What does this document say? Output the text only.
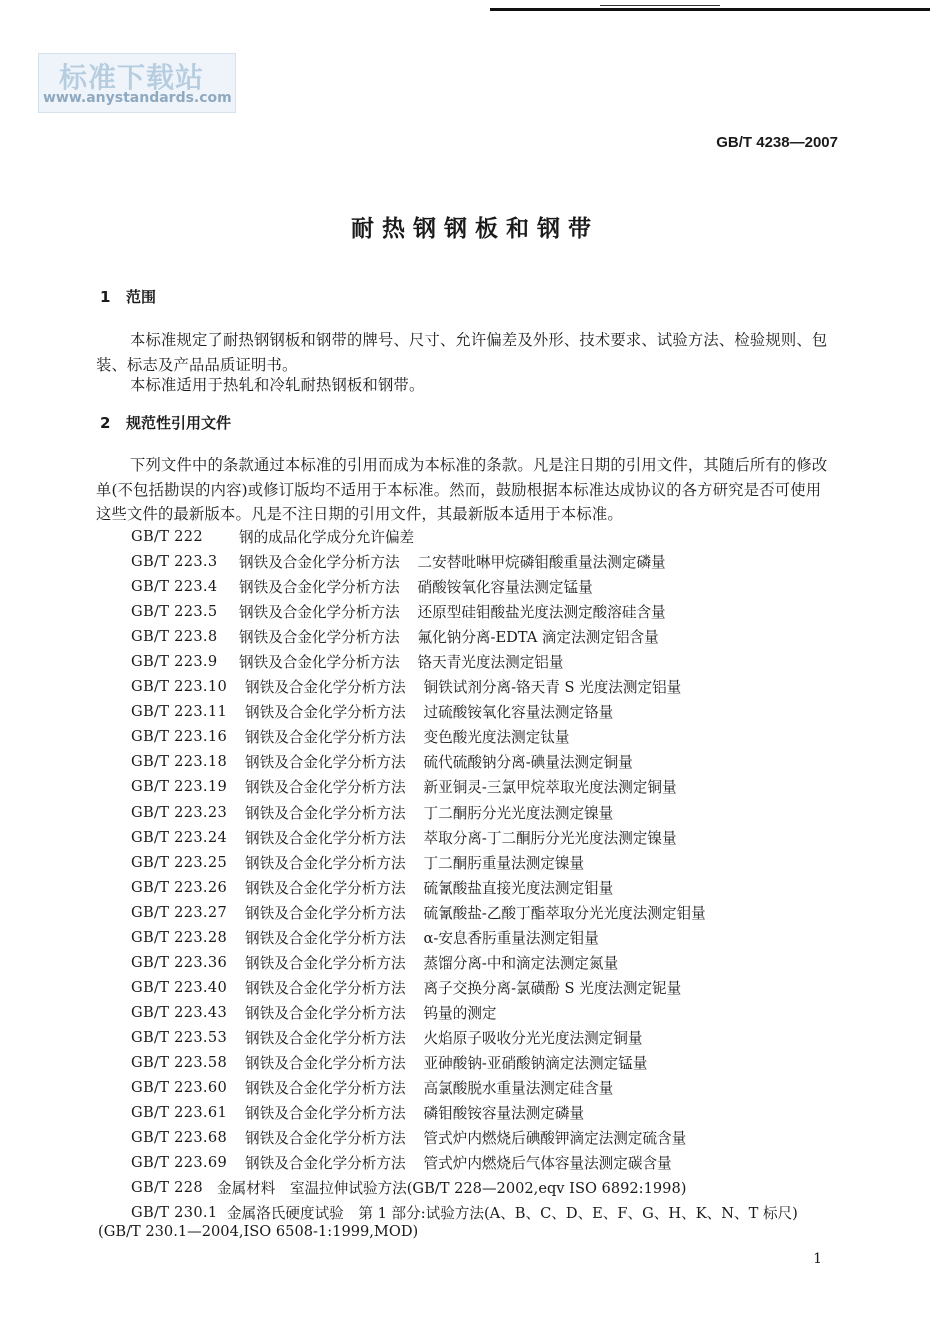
标准下载站
www.anystandards.com
GB/T 4238—2007
耐热钢钢板和钢带
1 范围
本标准规定了耐热钢钢板和钢带的牌号、尺寸、允许偏差及外形、技术要求、试验方法、检验规则、包装、标志及产品品质证明书。
本标准适用于热轧和冷轧耐热钢板和钢带。
2 规范性引用文件
下列文件中的条款通过本标准的引用而成为本标准的条款。凡是注日期的引用文件，其随后所有的修改单(不包括勘误的内容)或修订版均不适用于本标准。然而，鼓励根据本标准达成协议的各方研究是否可使用这些文件的最新版本。凡是不注日期的引用文件，其最新版本适用于本标准。
GB/T 222	钢的成品化学成分允许偏差
GB/T 223.3	钢铁及合金化学分析方法 二安替吡啉甲烷磷钼酸重量法测定磷量
GB/T 223.4	钢铁及合金化学分析方法 硝酸铵氧化容量法测定锰量
GB/T 223.5	钢铁及合金化学分析方法 还原型硅钼酸盐光度法测定酸溶硅含量
GB/T 223.8	钢铁及合金化学分析方法 氟化钠分离-EDTA 滴定法测定铝含量
GB/T 223.9	钢铁及合金化学分析方法 铬天青光度法测定铝量
GB/T 223.10	钢铁及合金化学分析方法 铜铁试剂分离-铬天青 S 光度法测定铝量
GB/T 223.11	钢铁及合金化学分析方法 过硫酸铵氧化容量法测定铬量
GB/T 223.16	钢铁及合金化学分析方法 变色酸光度法测定钛量
GB/T 223.18	钢铁及合金化学分析方法 硫代硫酸钠分离-碘量法测定铜量
GB/T 223.19	钢铁及合金化学分析方法 新亚铜灵-三氯甲烷萃取光度法测定铜量
GB/T 223.23	钢铁及合金化学分析方法 丁二酮肟分光光度法测定镍量
GB/T 223.24	钢铁及合金化学分析方法 萃取分离-丁二酮肟分光光度法测定镍量
GB/T 223.25	钢铁及合金化学分析方法 丁二酮肟重量法测定镍量
GB/T 223.26	钢铁及合金化学分析方法 硫氰酸盐直接光度法测定钼量
GB/T 223.27	钢铁及合金化学分析方法 硫氰酸盐-乙酸丁酯萃取分光光度法测定钼量
GB/T 223.28	钢铁及合金化学分析方法 α-安息香肟重量法测定钼量
GB/T 223.36	钢铁及合金化学分析方法 蒸馏分离-中和滴定法测定氮量
GB/T 223.40	钢铁及合金化学分析方法 离子交换分离-氯磺酚 S 光度法测定铌量
GB/T 223.43	钢铁及合金化学分析方法 钨量的测定
GB/T 223.53	钢铁及合金化学分析方法 火焰原子吸收分光光度法测定铜量
GB/T 223.58	钢铁及合金化学分析方法 亚砷酸钠-亚硝酸钠滴定法测定锰量
GB/T 223.60	钢铁及合金化学分析方法 高氯酸脱水重量法测定硅含量
GB/T 223.61	钢铁及合金化学分析方法 磷钼酸铵容量法测定磷量
GB/T 223.68	钢铁及合金化学分析方法 管式炉内燃烧后碘酸钾滴定法测定硫含量
GB/T 223.69	钢铁及合金化学分析方法 管式炉内燃烧后气体容量法测定碳含量
GB/T 228 金属材料　室温拉伸试验方法(GB/T 228—2002,eqv ISO 6892:1998)
GB/T 230.1 金属洛氏硬度试验　第 1 部分:试验方法(A、B、C、D、E、F、G、H、K、N、T 标尺)
(GB/T 230.1—2004,ISO 6508-1:1999,MOD)
1
